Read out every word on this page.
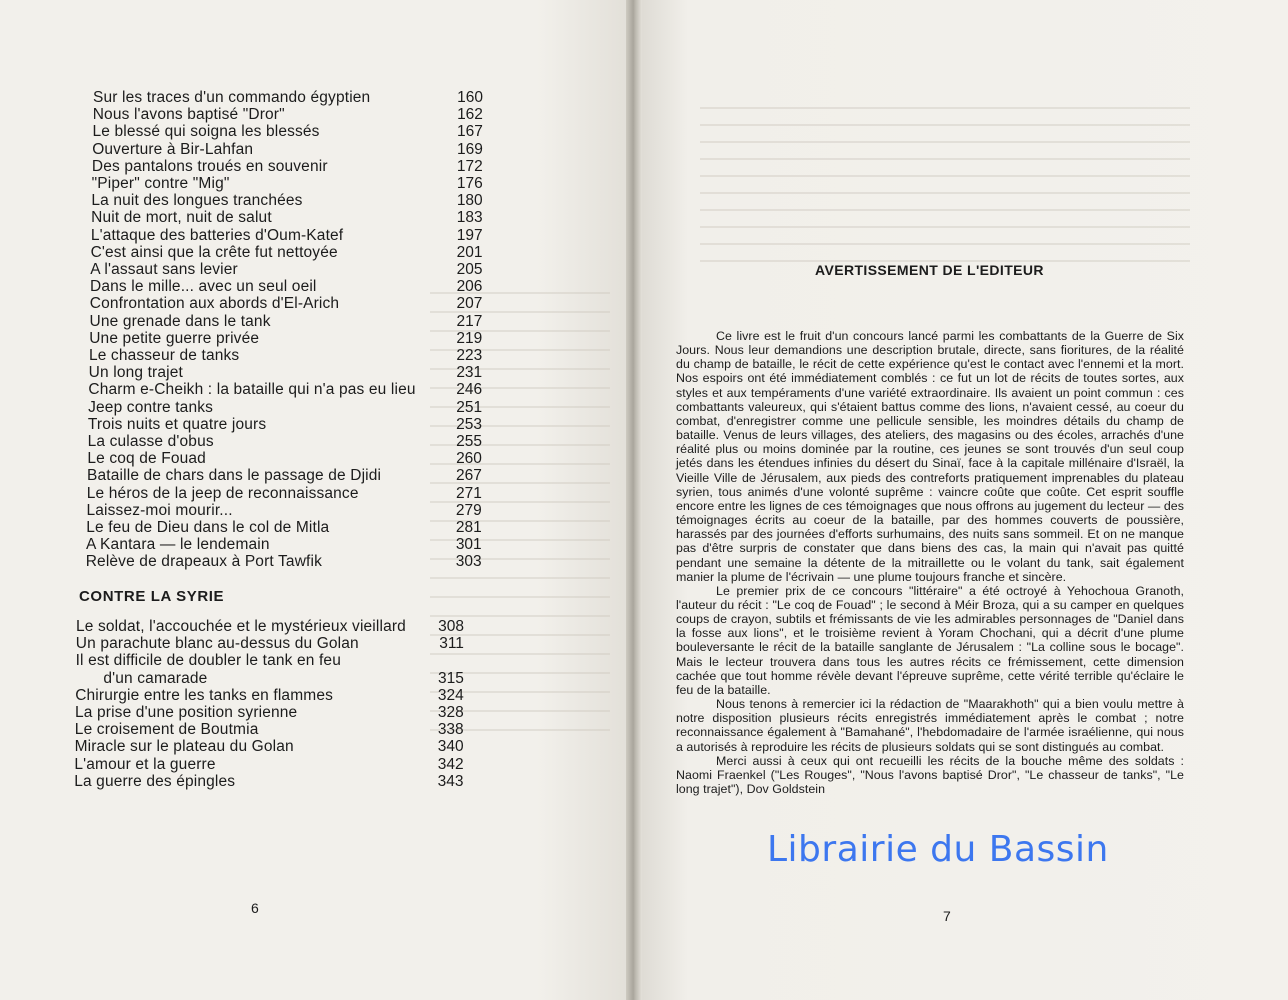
Sur les traces d'un commando égyptien	160
Nous l'avons baptisé "Dror"	162
Le blessé qui soigna les blessés	167
Ouverture à Bir-Lahfan	169
Des pantalons troués en souvenir	172
"Piper" contre "Mig"	176
La nuit des longues tranchées	180
Nuit de mort, nuit de salut	183
L'attaque des batteries d'Oum-Katef	197
C'est ainsi que la crête fut nettoyée	201
A l'assaut sans levier	205
Dans le mille... avec un seul oeil	206
Confrontation aux abords d'El-Arich	207
Une grenade dans le tank	217
Une petite guerre privée	219
Le chasseur de tanks	223
Un long trajet	231
Charm e-Cheikh : la bataille qui n'a pas eu lieu	246
Jeep contre tanks	251
Trois nuits et quatre jours	253
La culasse d'obus	255
Le coq de Fouad	260
Bataille de chars dans le passage de Djidi	267
Le héros de la jeep de reconnaissance	271
Laissez-moi mourir...	279
Le feu de Dieu dans le col de Mitla	281
A Kantara — le lendemain	301
Relève de drapeaux à Port Tawfik	303
CONTRE LA SYRIE
Le soldat, l'accouchée et le mystérieux vieillard	308
Un parachute blanc au-dessus du Golan	311
Il est difficile de doubler le tank en feu
d'un camarade	315
Chirurgie entre les tanks en flammes	324
La prise d'une position syrienne	328
Le croisement de Boutmia	338
Miracle sur le plateau du Golan	340
L'amour et la guerre	342
La guerre des épingles	343
6
AVERTISSEMENT DE L'EDITEUR

Ce livre est le fruit d'un concours lancé parmi les combattants de la Guerre de Six Jours. Nous leur demandions une description brutale, directe, sans fioritures, de la réalité du champ de bataille, le récit de cette expérience qu'est le contact avec l'ennemi et la mort. Nos espoirs ont été immédiatement comblés : ce fut un lot de récits de toutes sortes, aux styles et aux tempéraments d'une variété extraordinaire. Ils avaient un point commun : ces combattants valeureux, qui s'étaient battus comme des lions, n'avaient cessé, au coeur du combat, d'enregistrer comme une pellicule sensible, les moindres détails du champ de bataille. Venus de leurs villages, des ateliers, des magasins ou des écoles, arrachés d'une réalité plus ou moins dominée par la routine, ces jeunes se sont trouvés d'un seul coup jetés dans les étendues infinies du désert du Sinaï, face à la capitale millénaire d'Israël, la Vieille Ville de Jérusalem, aux pieds des contreforts pratiquement imprenables du plateau syrien, tous animés d'une volonté suprême : vaincre coûte que coûte. Cet esprit souffle encore entre les lignes de ces témoignages que nous offrons au jugement du lecteur — des témoignages écrits au coeur de la bataille, par des hommes couverts de poussière, harassés par des journées d'efforts surhumains, des nuits sans sommeil. Et on ne manque pas d'être surpris de constater que dans biens des cas, la main qui n'avait pas quitté pendant une semaine la détente de la mitraillette ou le volant du tank, sait également manier la plume de l'écrivain — une plume toujours franche et sincère.

Le premier prix de ce concours "littéraire" a été octroyé à Yehochoua Granoth, l'auteur du récit : "Le coq de Fouad" ; le second à Méir Broza, qui a su camper en quelques coups de crayon, subtils et frémissants de vie les admirables personnages de "Daniel dans la fosse aux lions", et le troisième revient à Yoram Chochani, qui a décrit d'une plume bouleversante le récit de la bataille sanglante de Jérusalem : "La colline sous le bocage". Mais le lecteur trouvera dans tous les autres récits ce frémissement, cette dimension cachée que tout homme révèle devant l'épreuve suprême, cette vérité terrible qu'éclaire le feu de la bataille.

Nous tenons à remercier ici la rédaction de "Maarakhoth" qui a bien voulu mettre à notre disposition plusieurs récits enregistrés immédiatement après le combat ; notre reconnaissance également à "Bamahané", l'hebdomadaire de l'armée israélienne, qui nous a autorisés à reproduire les récits de plusieurs soldats qui se sont distingués au combat.

Merci aussi à ceux qui ont recueilli les récits de la bouche même des soldats : Naomi Fraenkel ("Les Rouges", "Nous l'avons baptisé Dror", "Le chasseur de tanks", "Le long trajet"), Dov Goldstein

7
Librairie du Bassin
